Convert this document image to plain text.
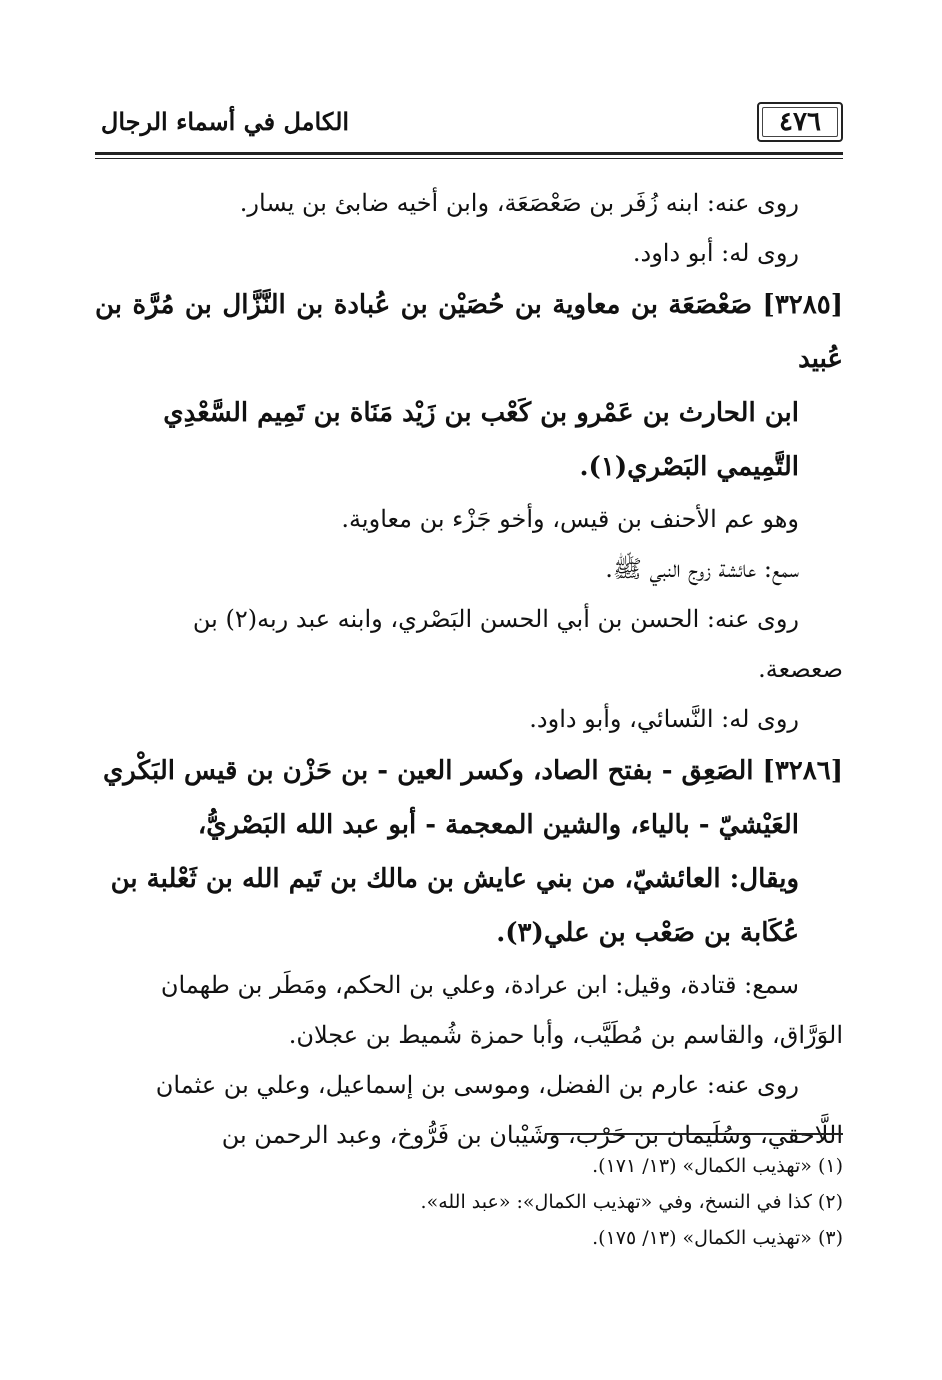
الكامل في أسماء الرجال	٤٧٦

روى عنه: ابنه زُفَر بن صَعْصَعَة، وابن أخيه ضابئ بن يسار.

روى له: أبو داود.

[٣٢٨٥] صَعْصَعَة بن معاوية بن حُصَيْن بن عُبادة بن النَّزَّال بن مُرَّة بن عُبيد
ابن الحارث بن عَمْرو بن كَعْب بن زَيْد مَنَاة بن تَمِيم السَّعْدِي
التَّمِيمي البَصْري(١).

وهو عم الأحنف بن قيس، وأخو جَزْء بن معاوية.

سمع: عائشة زوج النبي ﷺ.

روى عنه: الحسن بن أبي الحسن البَصْري، وابنه عبد ربه(٢) بن

صعصعة.

روى له: النَّسائي، وأبو داود.

[٣٢٨٦] الصَعِق - بفتح الصاد، وكسر العين - بن حَزْن بن قيس البَكْري
العَيْشيّ - بالياء، والشين المعجمة - أبو عبد الله البَصْريُّ،
ويقال: العائشيّ، من بني عايش بن مالك بن تَيم الله بن ثَعْلبة بن
عُكَابة بن صَعْب بن علي(٣).

سمع: قتادة، وقيل: ابن عرادة، وعلي بن الحكم، ومَطَر بن طهمان

الوَرَّاق، والقاسم بن مُطَيَّب، وأبا حمزة شُميط بن عجلان.

روى عنه: عارم بن الفضل، وموسى بن إسماعيل، وعلي بن عثمان

اللَّاحقي، وسُلَيمان بن حَرْب، وشَيْبان بن فَرُّوخ، وعبد الرحمن بن

(١) «تهذيب الكمال» (١٣/ ١٧١).

(٢) كذا في النسخ، وفي «تهذيب الكمال»: «عبد الله».

(٣) «تهذيب الكمال» (١٣/ ١٧٥).
